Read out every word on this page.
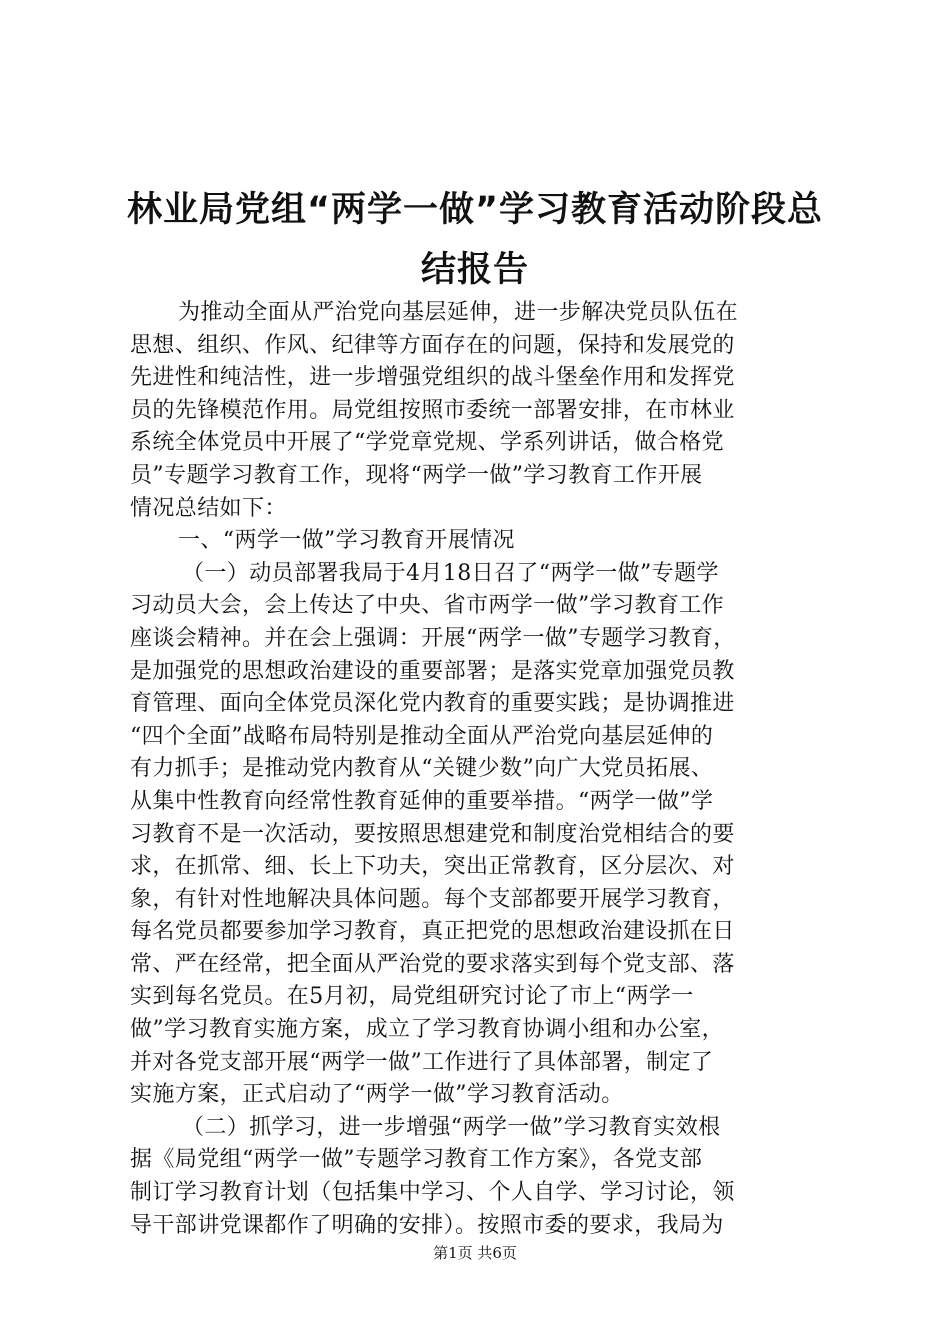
林业局党组“两学一做”学习教育活动阶段总
结报告
为推动全面从严治党向基层延伸，进一步解决党员队伍在
思想、组织、作风、纪律等方面存在的问题，保持和发展党的
先进性和纯洁性，进一步增强党组织的战斗堡垒作用和发挥党
员的先锋模范作用。局党组按照市委统一部署安排，在市林业
系统全体党员中开展了“学党章党规、学系列讲话，做合格党
员”专题学习教育工作，现将“两学一做”学习教育工作开展
情况总结如下：
一、“两学一做”学习教育开展情况
（一）动员部署我局于4月18日召了“两学一做”专题学
习动员大会，会上传达了中央、省市两学一做”学习教育工作
座谈会精神。并在会上强调：开展“两学一做”专题学习教育，
是加强党的思想政治建设的重要部署；是落实党章加强党员教
育管理、面向全体党员深化党内教育的重要实践；是协调推进
“四个全面”战略布局特别是推动全面从严治党向基层延伸的
有力抓手；是推动党内教育从“关键少数”向广大党员拓展、
从集中性教育向经常性教育延伸的重要举措。“两学一做”学
习教育不是一次活动，要按照思想建党和制度治党相结合的要
求，在抓常、细、长上下功夫，突出正常教育，区分层次、对
象，有针对性地解决具体问题。每个支部都要开展学习教育，
每名党员都要参加学习教育，真正把党的思想政治建设抓在日
常、严在经常，把全面从严治党的要求落实到每个党支部、落
实到每名党员。在5月初，局党组研究讨论了市上“两学一
做”学习教育实施方案，成立了学习教育协调小组和办公室，
并对各党支部开展“两学一做”工作进行了具体部署，制定了
实施方案，正式启动了“两学一做”学习教育活动。
（二）抓学习，进一步增强“两学一做”学习教育实效根
据《局党组“两学一做”专题学习教育工作方案》，各党支部
制订学习教育计划（包括集中学习、个人自学、学习讨论，领
导干部讲党课都作了明确的安排）。按照市委的要求，我局为
第1页 共6页
